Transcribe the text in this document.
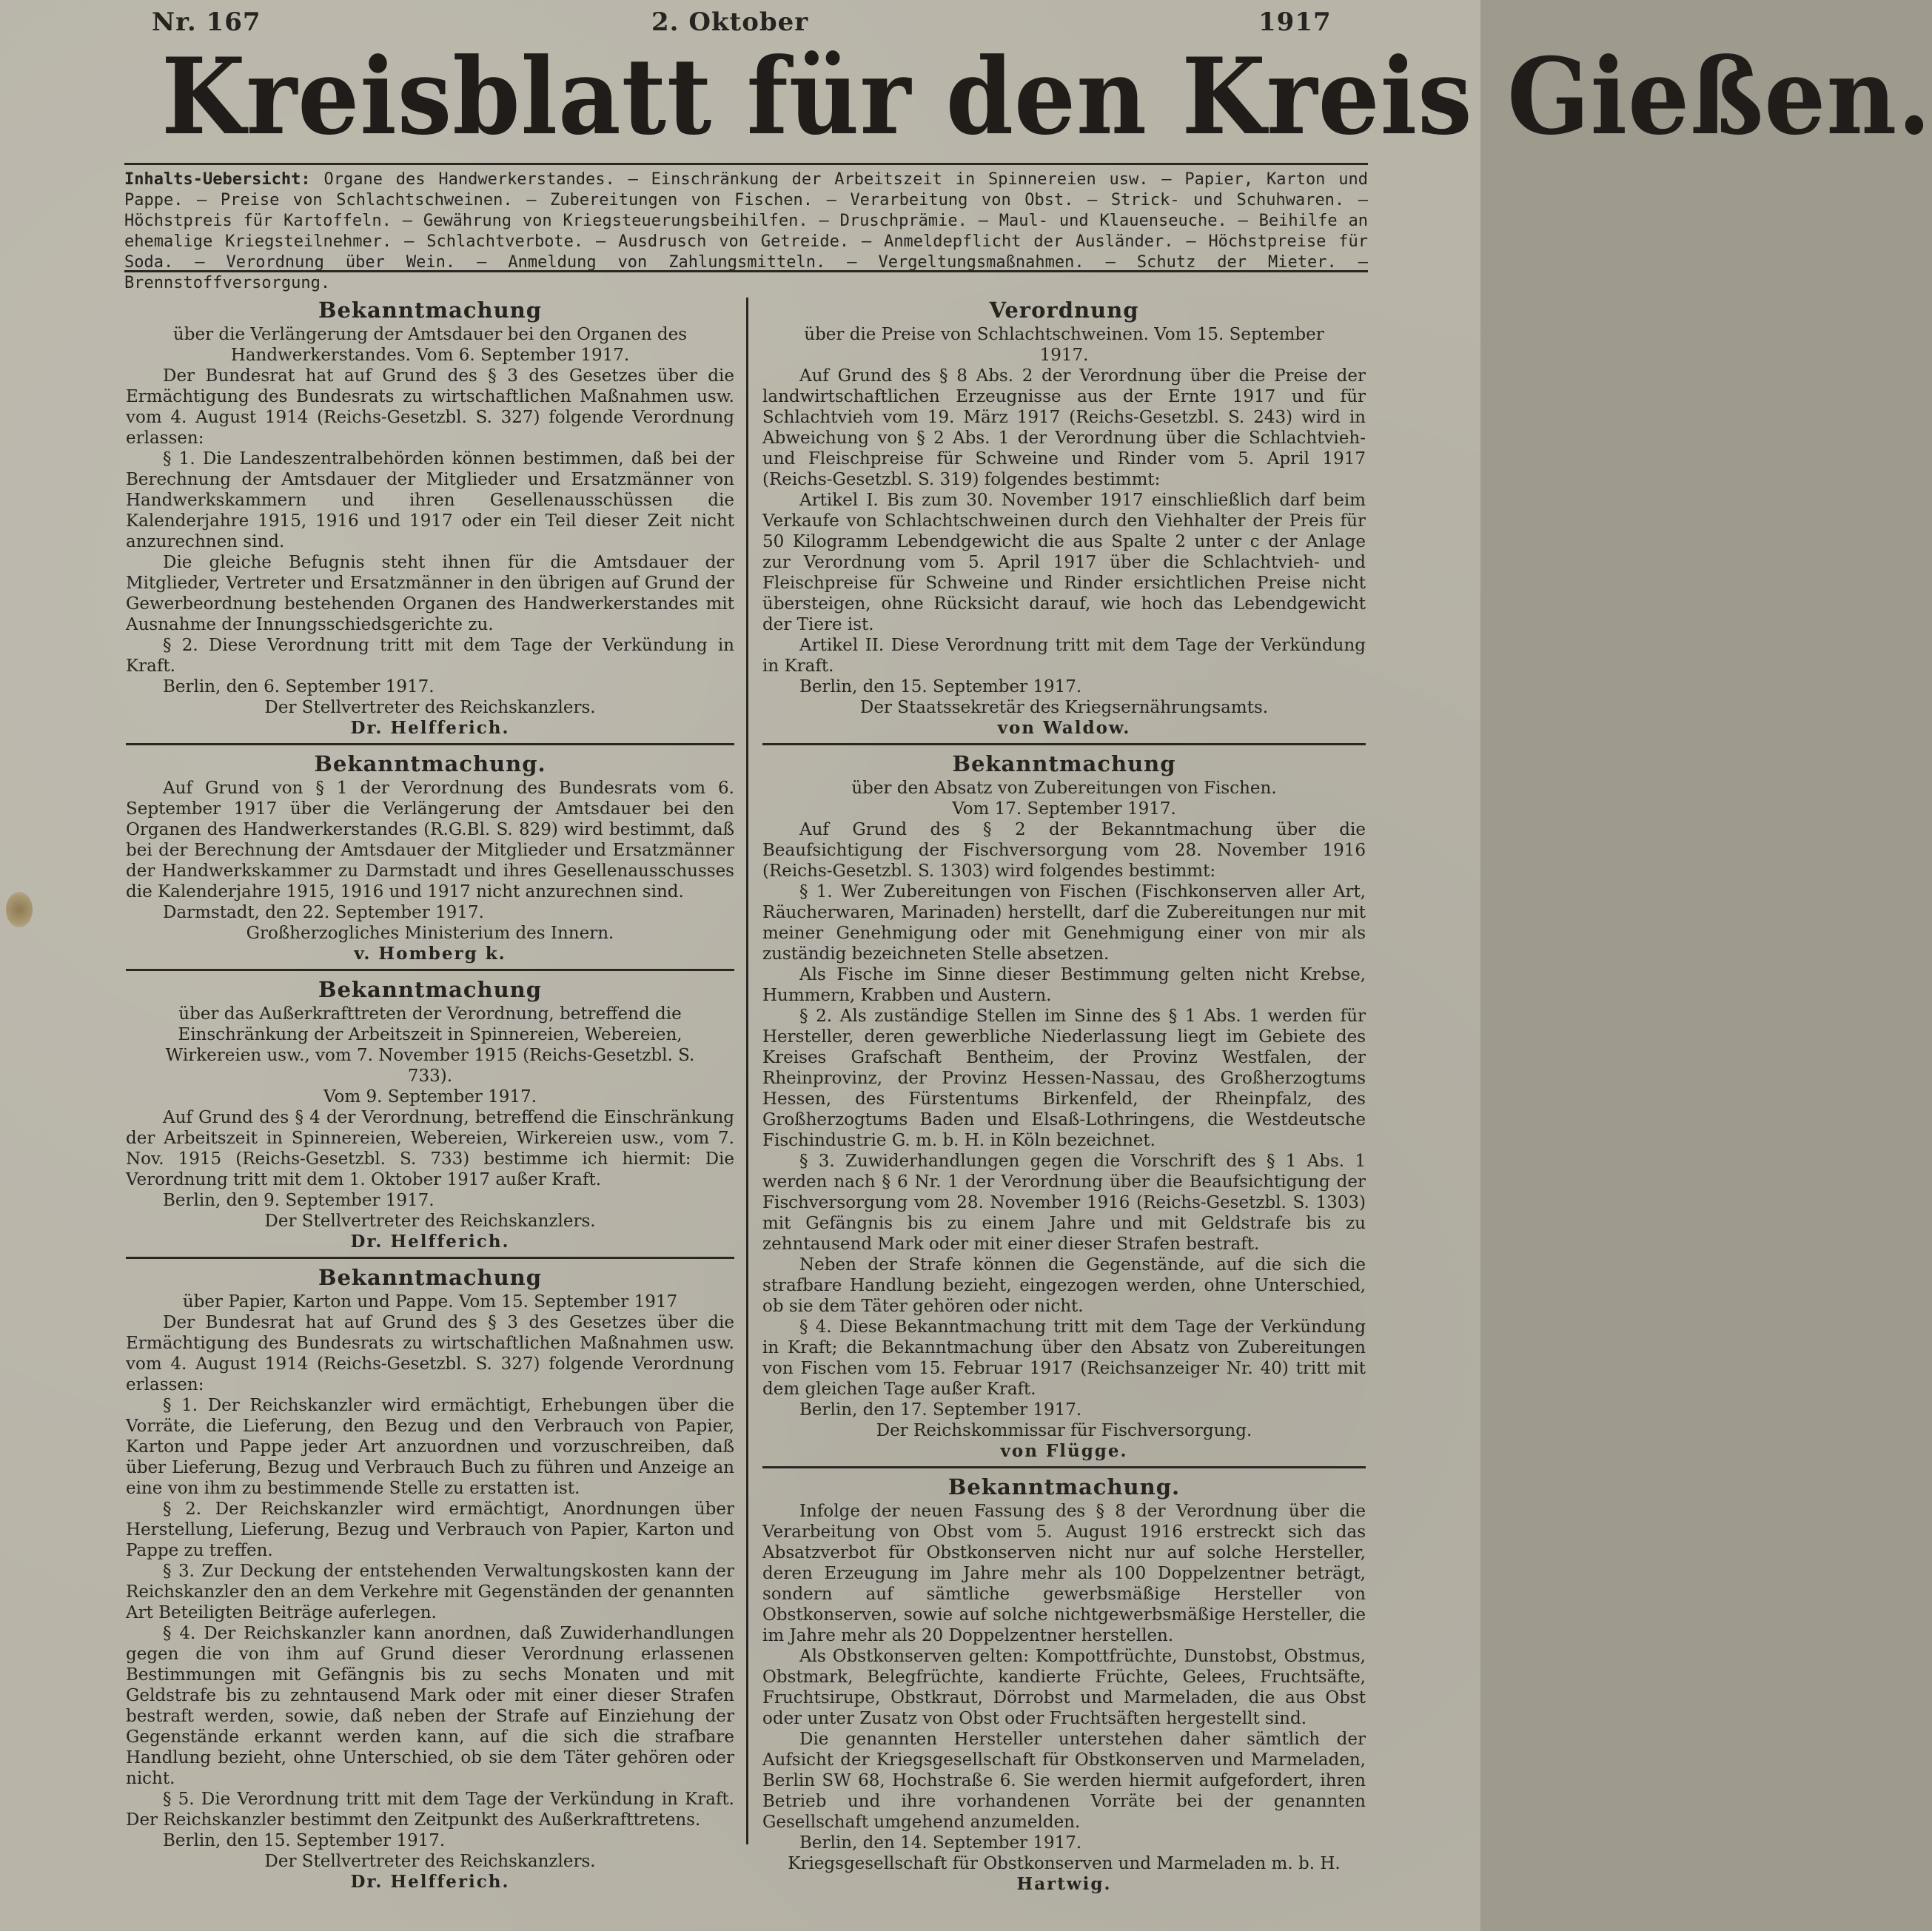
Nr. 167	2. Oktober	1917
Kreisblatt für den Kreis Gießen.
Inhalts-Uebersicht: Organe des Handwerkerstandes. — Einschränkung der Arbeitszeit in Spinnereien usw. — Papier, Karton und Pappe. — Preise von Schlachtschweinen. — Zubereitungen von Fischen. — Verarbeitung von Obst. — Strick- und Schuhwaren. — Höchstpreis für Kartoffeln. — Gewährung von Kriegsteuerungsbeihilfen. — Druschprämie. — Maul- und Klauenseuche. — Beihilfe an ehemalige Kriegsteilnehmer. — Schlachtverbote. — Ausdrusch von Getreide. — Anmeldepflicht der Ausländer. — Höchstpreise für Soda. — Verordnung über Wein. — Anmeldung von Zahlungsmitteln. — Vergeltungsmaßnahmen. — Schutz der Mieter. — Brennstoffversorgung.
Bekanntmachung
über die Verlängerung der Amtsdauer bei den Organen des Handwerkerstandes. Vom 6. September 1917.

Der Bundesrat hat auf Grund des § 3 des Gesetzes über die Ermächtigung des Bundesrats zu wirtschaftlichen Maßnahmen usw. vom 4. August 1914 (Reichs-Gesetzbl. S. 327) folgende Verordnung erlassen:

§ 1. Die Landeszentralbehörden können bestimmen, daß bei der Berechnung der Amtsdauer der Mitglieder und Ersatzmänner von Handwerkskammern und ihren Gesellenausschüssen die Kalenderjahre 1915, 1916 und 1917 oder ein Teil dieser Zeit nicht anzurechnen sind.

Die gleiche Befugnis steht ihnen für die Amtsdauer der Mitglieder, Vertreter und Ersatzmänner in den übrigen auf Grund der Gewerbeordnung bestehenden Organen des Handwerkerstandes mit Ausnahme der Innungsschiedsgerichte zu.

§ 2. Diese Verordnung tritt mit dem Tage der Verkündung in Kraft.

Berlin, den 6. September 1917.

Der Stellvertreter des Reichskanzlers.

Dr. Helfferich.

Bekanntmachung.

Auf Grund von § 1 der Verordnung des Bundesrats vom 6. September 1917 über die Verlängerung der Amtsdauer bei den Organen des Handwerkerstandes (R.G.Bl. S. 829) wird bestimmt, daß bei der Berechnung der Amtsdauer der Mitglieder und Ersatzmänner der Handwerkskammer zu Darmstadt und ihres Gesellenausschusses die Kalenderjahre 1915, 1916 und 1917 nicht anzurechnen sind.

Darmstadt, den 22. September 1917.

Großherzogliches Ministerium des Innern.

v. Homberg k.

Bekanntmachung
über das Außerkrafttreten der Verordnung, betreffend die Einschränkung der Arbeitszeit in Spinnereien, Webereien, Wirkereien usw., vom 7. November 1915 (Reichs-Gesetzbl. S. 733).
Vom 9. September 1917.

Auf Grund des § 4 der Verordnung, betreffend die Einschränkung der Arbeitszeit in Spinnereien, Webereien, Wirkereien usw., vom 7. Nov. 1915 (Reichs-Gesetzbl. S. 733) bestimme ich hiermit: Die Verordnung tritt mit dem 1. Oktober 1917 außer Kraft.

Berlin, den 9. September 1917.

Der Stellvertreter des Reichskanzlers.

Dr. Helfferich.

Bekanntmachung
über Papier, Karton und Pappe. Vom 15. September 1917

Der Bundesrat hat auf Grund des § 3 des Gesetzes über die Ermächtigung des Bundesrats zu wirtschaftlichen Maßnahmen usw. vom 4. August 1914 (Reichs-Gesetzbl. S. 327) folgende Verordnung erlassen:

§ 1. Der Reichskanzler wird ermächtigt, Erhebungen über die Vorräte, die Lieferung, den Bezug und den Verbrauch von Papier, Karton und Pappe jeder Art anzuordnen und vorzuschreiben, daß über Lieferung, Bezug und Verbrauch Buch zu führen und Anzeige an eine von ihm zu bestimmende Stelle zu erstatten ist.

§ 2. Der Reichskanzler wird ermächtigt, Anordnungen über Herstellung, Lieferung, Bezug und Verbrauch von Papier, Karton und Pappe zu treffen.

§ 3. Zur Deckung der entstehenden Verwaltungskosten kann der Reichskanzler den an dem Verkehre mit Gegenständen der genannten Art Beteiligten Beiträge auferlegen.

§ 4. Der Reichskanzler kann anordnen, daß Zuwiderhandlungen gegen die von ihm auf Grund dieser Verordnung erlassenen Bestimmungen mit Gefängnis bis zu sechs Monaten und mit Geldstrafe bis zu zehntausend Mark oder mit einer dieser Strafen bestraft werden, sowie, daß neben der Strafe auf Einziehung der Gegenstände erkannt werden kann, auf die sich die strafbare Handlung bezieht, ohne Unterschied, ob sie dem Täter gehören oder nicht.

§ 5. Die Verordnung tritt mit dem Tage der Verkündung in Kraft. Der Reichskanzler bestimmt den Zeitpunkt des Außerkrafttretens.

Berlin, den 15. September 1917.

Der Stellvertreter des Reichskanzlers.

Dr. Helfferich.

Verordnung
über die Preise von Schlachtschweinen. Vom 15. September 1917.

Auf Grund des § 8 Abs. 2 der Verordnung über die Preise der landwirtschaftlichen Erzeugnisse aus der Ernte 1917 und für Schlachtvieh vom 19. März 1917 (Reichs-Gesetzbl. S. 243) wird in Abweichung von § 2 Abs. 1 der Verordnung über die Schlachtvieh- und Fleischpreise für Schweine und Rinder vom 5. April 1917 (Reichs-Gesetzbl. S. 319) folgendes bestimmt:

Artikel I. Bis zum 30. November 1917 einschließlich darf beim Verkaufe von Schlachtschweinen durch den Viehhalter der Preis für 50 Kilogramm Lebendgewicht die aus Spalte 2 unter c der Anlage zur Verordnung vom 5. April 1917 über die Schlachtvieh- und Fleischpreise für Schweine und Rinder ersichtlichen Preise nicht übersteigen, ohne Rücksicht darauf, wie hoch das Lebendgewicht der Tiere ist.

Artikel II. Diese Verordnung tritt mit dem Tage der Verkündung in Kraft.

Berlin, den 15. September 1917.

Der Staatssekretär des Kriegsernährungsamts.

von Waldow.

Bekanntmachung
über den Absatz von Zubereitungen von Fischen.
Vom 17. September 1917.

Auf Grund des § 2 der Bekanntmachung über die Beaufsichtigung der Fischversorgung vom 28. November 1916 (Reichs-Gesetzbl. S. 1303) wird folgendes bestimmt:

§ 1. Wer Zubereitungen von Fischen (Fischkonserven aller Art, Räucherwaren, Marinaden) herstellt, darf die Zubereitungen nur mit meiner Genehmigung oder mit Genehmigung einer von mir als zuständig bezeichneten Stelle absetzen.

Als Fische im Sinne dieser Bestimmung gelten nicht Krebse, Hummern, Krabben und Austern.

§ 2. Als zuständige Stellen im Sinne des § 1 Abs. 1 werden für Hersteller, deren gewerbliche Niederlassung liegt im Gebiete des Kreises Grafschaft Bentheim, der Provinz Westfalen, der Rheinprovinz, der Provinz Hessen-Nassau, des Großherzogtums Hessen, des Fürstentums Birkenfeld, der Rheinpfalz, des Großherzogtums Baden und Elsaß-Lothringens, die Westdeutsche Fischindustrie G. m. b. H. in Köln bezeichnet.

§ 3. Zuwiderhandlungen gegen die Vorschrift des § 1 Abs. 1 werden nach § 6 Nr. 1 der Verordnung über die Beaufsichtigung der Fischversorgung vom 28. November 1916 (Reichs-Gesetzbl. S. 1303) mit Gefängnis bis zu einem Jahre und mit Geldstrafe bis zu zehntausend Mark oder mit einer dieser Strafen bestraft.

Neben der Strafe können die Gegenstände, auf die sich die strafbare Handlung bezieht, eingezogen werden, ohne Unterschied, ob sie dem Täter gehören oder nicht.

§ 4. Diese Bekanntmachung tritt mit dem Tage der Verkündung in Kraft; die Bekanntmachung über den Absatz von Zubereitungen von Fischen vom 15. Februar 1917 (Reichsanzeiger Nr. 40) tritt mit dem gleichen Tage außer Kraft.

Berlin, den 17. September 1917.

Der Reichskommissar für Fischversorgung.

von Flügge.

Bekanntmachung.

Infolge der neuen Fassung des § 8 der Verordnung über die Verarbeitung von Obst vom 5. August 1916 erstreckt sich das Absatzverbot für Obstkonserven nicht nur auf solche Hersteller, deren Erzeugung im Jahre mehr als 100 Doppelzentner beträgt, sondern auf sämtliche gewerbsmäßige Hersteller von Obstkonserven, sowie auf solche nichtgewerbsmäßige Hersteller, die im Jahre mehr als 20 Doppelzentner herstellen.

Als Obstkonserven gelten: Kompottfrüchte, Dunstobst, Obstmus, Obstmark, Belegfrüchte, kandierte Früchte, Gelees, Fruchtsäfte, Fruchtsirupe, Obstkraut, Dörrobst und Marmeladen, die aus Obst oder unter Zusatz von Obst oder Fruchtsäften hergestellt sind.

Die genannten Hersteller unterstehen daher sämtlich der Aufsicht der Kriegsgesellschaft für Obstkonserven und Marmeladen, Berlin SW 68, Hochstraße 6. Sie werden hiermit aufgefordert, ihren Betrieb und ihre vorhandenen Vorräte bei der genannten Gesellschaft umgehend anzumelden.

Berlin, den 14. September 1917.

Kriegsgesellschaft für Obstkonserven und Marmeladen m. b. H.

Hartwig.
